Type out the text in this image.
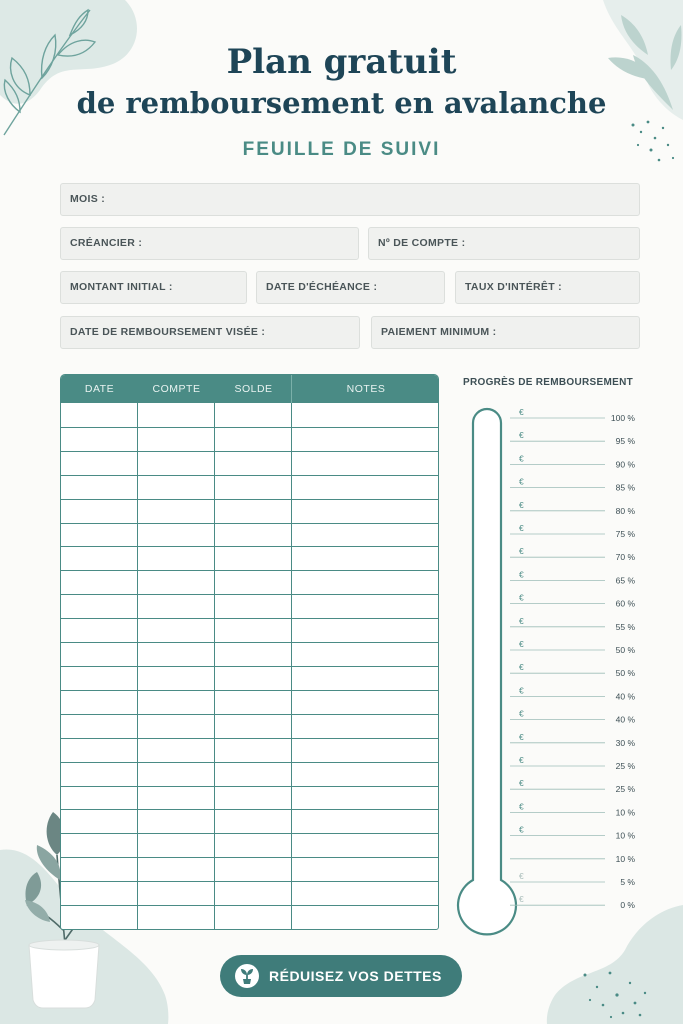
Plan gratuit
de remboursement en avalanche
FEUILLE DE SUIVI
MOIS :
CRÉANCIER :	Nº DE COMPTE :
MONTANT INITIAL :	DATE D'ÉCHÉANCE :	TAUX D'INTÉRÊT :
DATE DE REMBOURSEMENT VISÉE :	PAIEMENT MINIMUM :
DATE	COMPTE	SOLDE	NOTES
PROGRÈS DE REMBOURSEMENT
€
100 %
€
95 %
€
90 %
€
85 %
€
80 %
€
75 %
€
70 %
€
65 %
€
60 %
€
55 %
€
50 %
€
50 %
€
40 %
€
40 %
€
30 %
€
25 %
€
25 %
€
10 %
€
10 %
10 %
€
5 %
€
0 %
RÉDUISEZ VOS DETTES
